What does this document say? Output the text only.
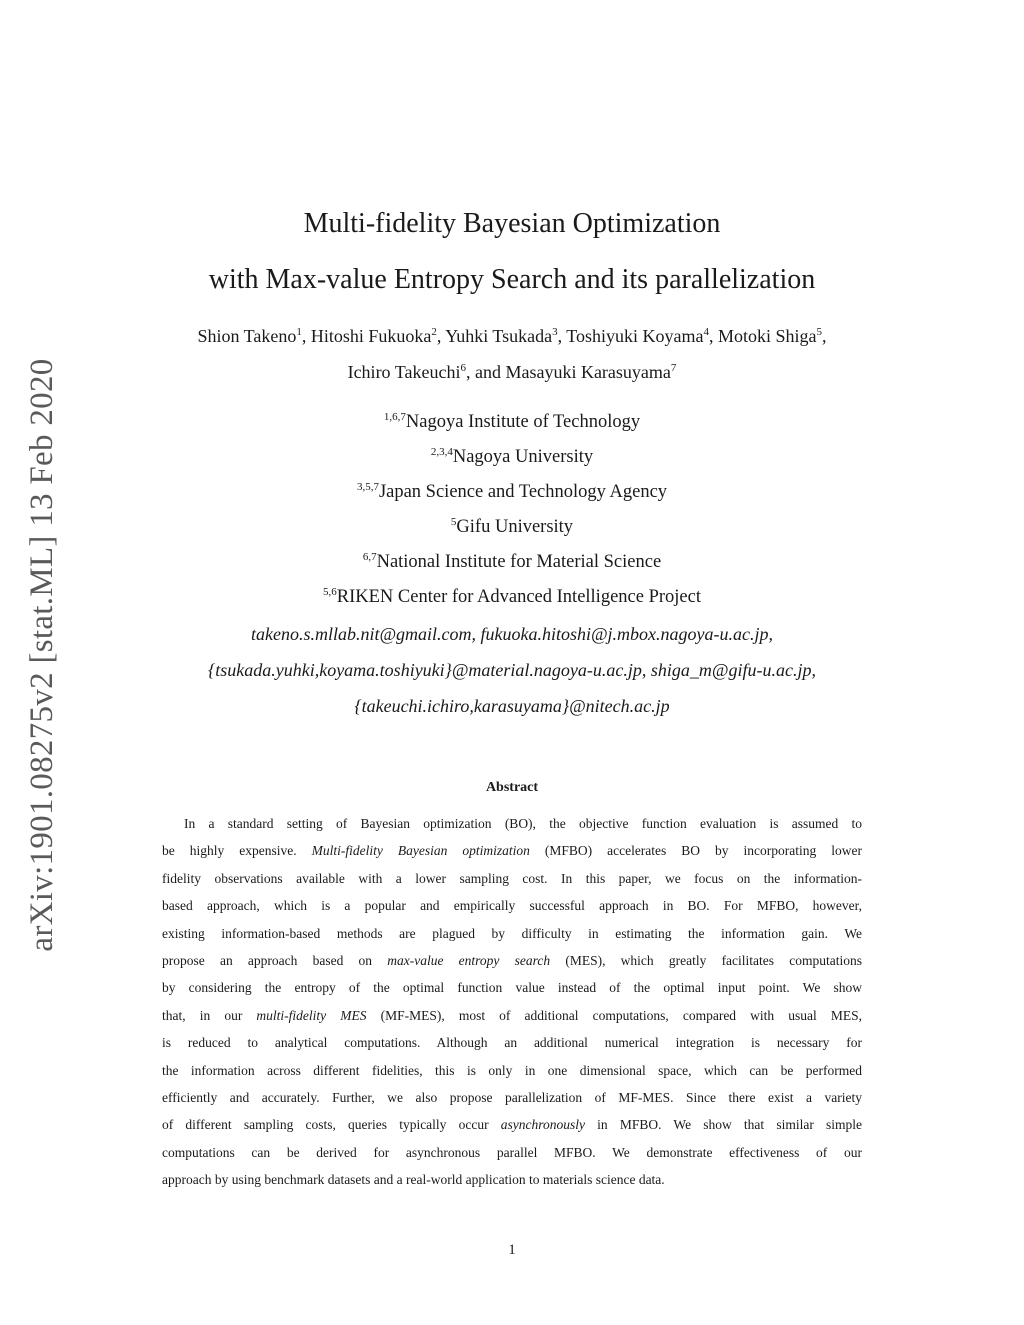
arXiv:1901.08275v2 [stat.ML] 13 Feb 2020
Multi-fidelity Bayesian Optimization
with Max-value Entropy Search and its parallelization
Shion Takeno$^1$, Hitoshi Fukuoka$^2$, Yuhki Tsukada$^3$, Toshiyuki Koyama$^4$, Motoki Shiga$^5$,
Ichiro Takeuchi$^6$, and Masayuki Karasuyama$^7$
$^{1,6,7}$Nagoya Institute of Technology
$^{2,3,4}$Nagoya University
$^{3,5,7}$Japan Science and Technology Agency
$^5$Gifu University
$^{6,7}$National Institute for Material Science
$^{5,6}$RIKEN Center for Advanced Intelligence Project
takeno.s.mllab.nit@gmail.com, fukuoka.hitoshi@j.mbox.nagoya-u.ac.jp,
{tsukada.yuhki,koyama.toshiyuki}@material.nagoya-u.ac.jp, shiga_m@gifu-u.ac.jp,
{takeuchi.ichiro,karasuyama}@nitech.ac.jp
Abstract
In a standard setting of Bayesian optimization (BO), the objective function evaluation is assumed to
be highly expensive. Multi-fidelity Bayesian optimization (MFBO) accelerates BO by incorporating lower
fidelity observations available with a lower sampling cost. In this paper, we focus on the information-
based approach, which is a popular and empirically successful approach in BO. For MFBO, however,
existing information-based methods are plagued by difficulty in estimating the information gain. We
propose an approach based on max-value entropy search (MES), which greatly facilitates computations
by considering the entropy of the optimal function value instead of the optimal input point. We show
that, in our multi-fidelity MES (MF-MES), most of additional computations, compared with usual MES,
is reduced to analytical computations. Although an additional numerical integration is necessary for
the information across different fidelities, this is only in one dimensional space, which can be performed
efficiently and accurately. Further, we also propose parallelization of MF-MES. Since there exist a variety
of different sampling costs, queries typically occur asynchronously in MFBO. We show that similar simple
computations can be derived for asynchronous parallel MFBO. We demonstrate effectiveness of our
approach by using benchmark datasets and a real-world application to materials science data.
1
